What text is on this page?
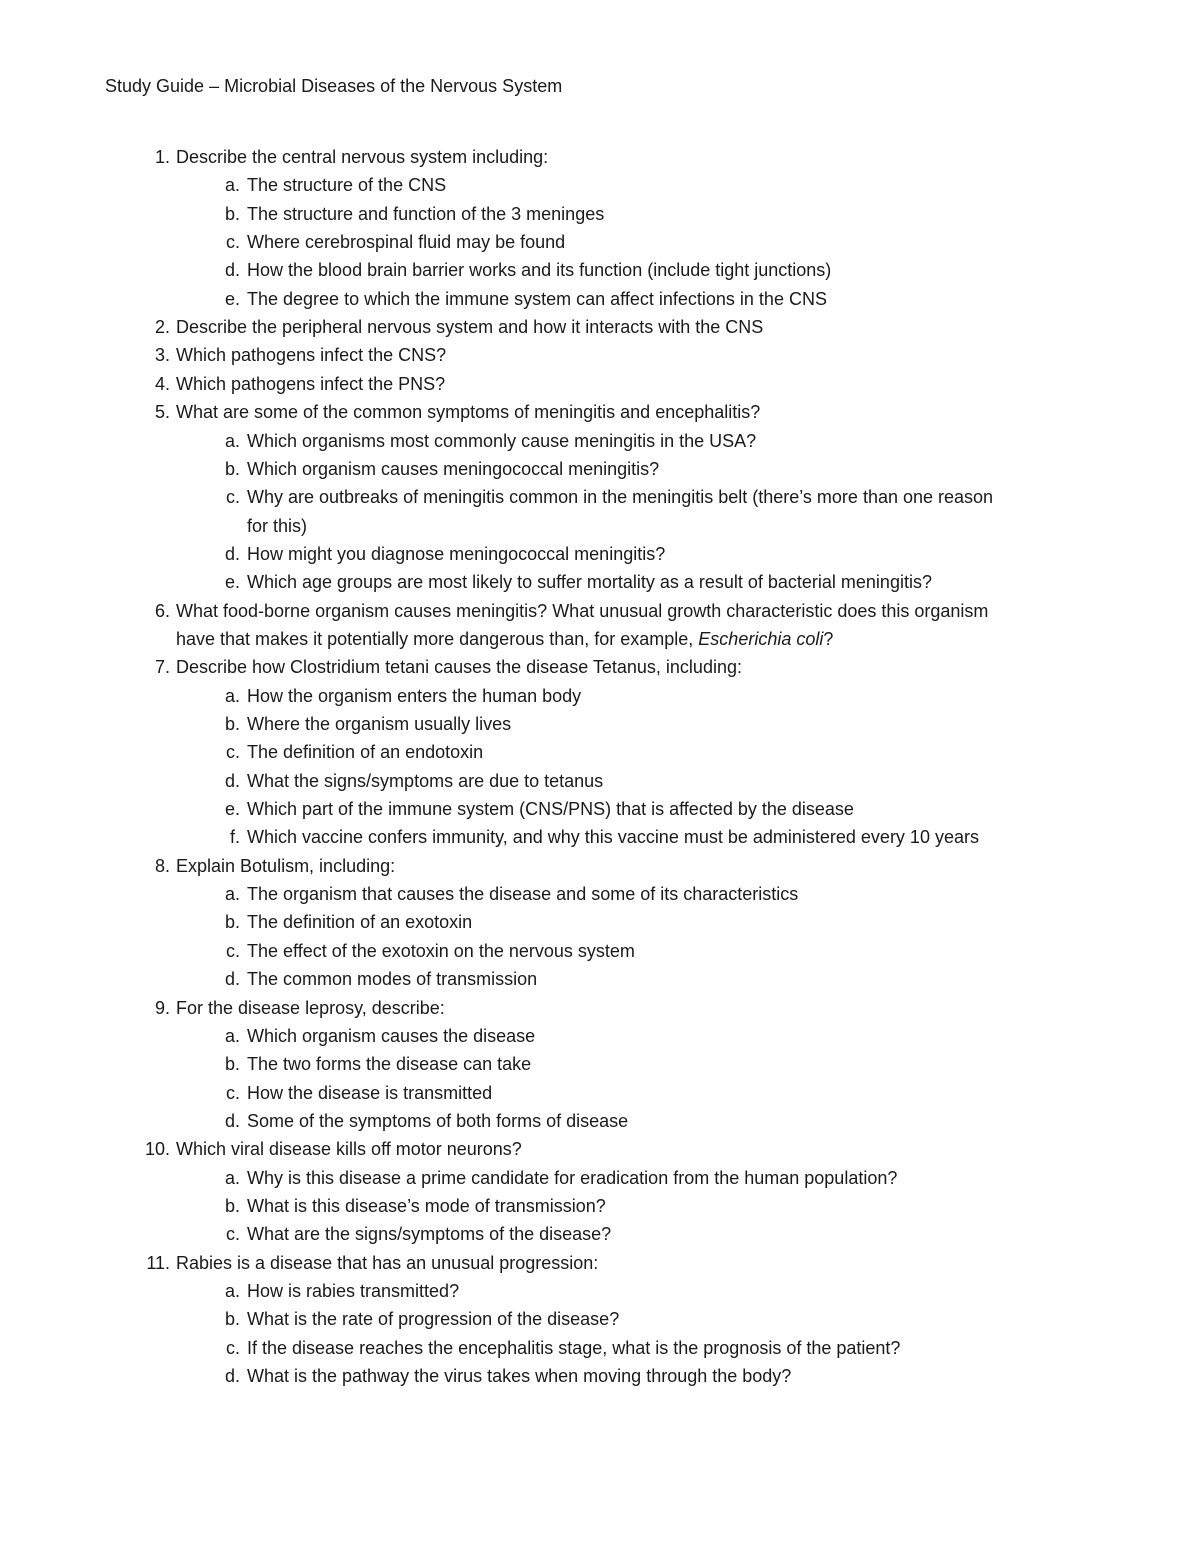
Study Guide – Microbial Diseases of the Nervous System
1. Describe the central nervous system including:
a. The structure of the CNS
b. The structure and function of the 3 meninges
c. Where cerebrospinal fluid may be found
d. How the blood brain barrier works and its function (include tight junctions)
e. The degree to which the immune system can affect infections in the CNS
2. Describe the peripheral nervous system and how it interacts with the CNS
3. Which pathogens infect the CNS?
4. Which pathogens infect the PNS?
5. What are some of the common symptoms of meningitis and encephalitis?
a. Which organisms most commonly cause meningitis in the USA?
b. Which organism causes meningococcal meningitis?
c. Why are outbreaks of meningitis common in the meningitis belt (there’s more than one reason
for this)
d. How might you diagnose meningococcal meningitis?
e. Which age groups are most likely to suffer mortality as a result of bacterial meningitis?
6. What food-borne organism causes meningitis? What unusual growth characteristic does this organism
have that makes it potentially more dangerous than, for example, Escherichia coli?
7. Describe how Clostridium tetani causes the disease Tetanus, including:
a. How the organism enters the human body
b. Where the organism usually lives
c. The definition of an endotoxin
d. What the signs/symptoms are due to tetanus
e. Which part of the immune system (CNS/PNS) that is affected by the disease
f. Which vaccine confers immunity, and why this vaccine must be administered every 10 years
8. Explain Botulism, including:
a. The organism that causes the disease and some of its characteristics
b. The definition of an exotoxin
c. The effect of the exotoxin on the nervous system
d. The common modes of transmission
9. For the disease leprosy, describe:
a. Which organism causes the disease
b. The two forms the disease can take
c. How the disease is transmitted
d. Some of the symptoms of both forms of disease
10. Which viral disease kills off motor neurons?
a. Why is this disease a prime candidate for eradication from the human population?
b. What is this disease’s mode of transmission?
c. What are the signs/symptoms of the disease?
11. Rabies is a disease that has an unusual progression:
a. How is rabies transmitted?
b. What is the rate of progression of the disease?
c. If the disease reaches the encephalitis stage, what is the prognosis of the patient?
d. What is the pathway the virus takes when moving through the body?
